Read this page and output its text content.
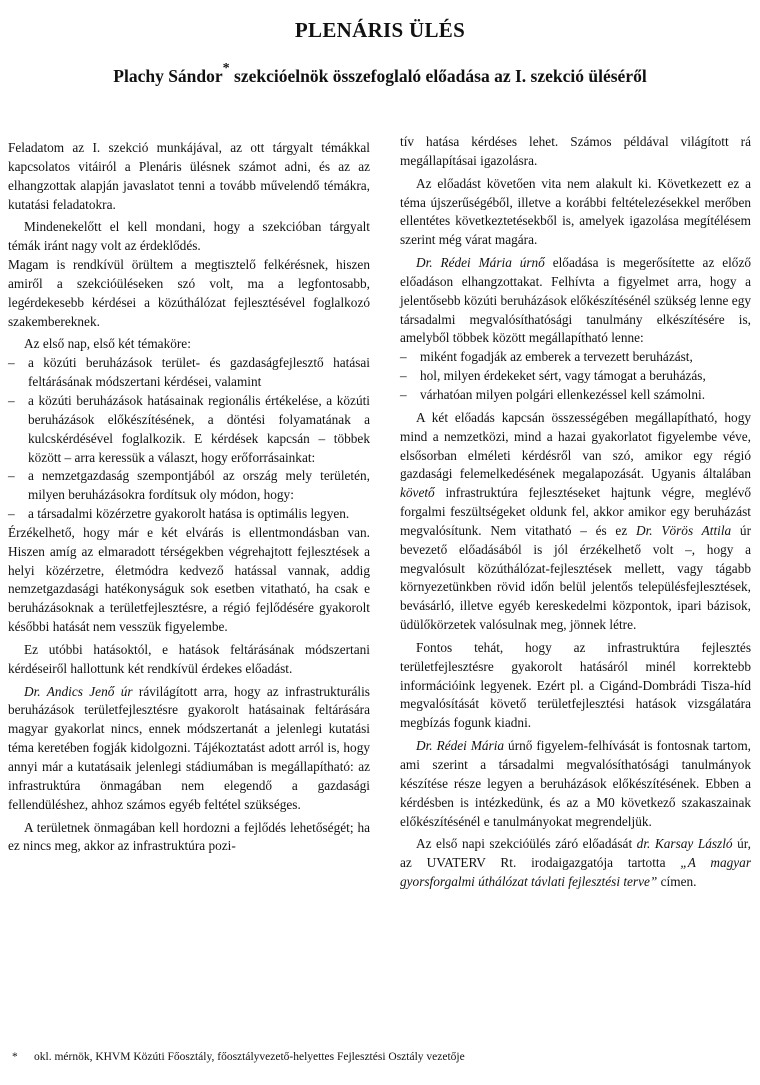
PLENÁRIS ÜLÉS
Plachy Sándor* szekcióelnök összefoglaló előadása az I. szekció üléséről

Feladatom az I. szekció munkájával, az ott tárgyalt témákkal kapcsolatos vitáiról a Plenáris ülésnek számot adni, és az az elhangzottak alapján javaslatot tenni a tovább művelendő témákra, kutatási feladatokra.

Mindenekelőtt el kell mondani, hogy a szekcióban tárgyalt témák iránt nagy volt az érdeklődés.

Magam is rendkívül örültem a megtisztelő felkérésnek, hiszen amiről a szekcióüléseken szó volt, ma a legfontosabb, legérdekesebb kérdései a közúthálózat fejlesztésével foglalkozó szakembereknek.

Az első nap, első két témaköre:

–	a közúti beruházások terület- és gazdaságfejlesztő hatásai feltárásának módszertani kérdései, valamint
–	a közúti beruházások hatásainak regionális értékelése, a közúti beruházások előkészítésének, a döntési folyamatának a kulcskérdésével foglalkozik. E kérdések kapcsán – többek között – arra keressük a választ, hogy erőforrásainkat:
–	a nemzetgazdaság szempontjából az ország mely területén, milyen beruházásokra fordítsuk oly módon, hogy:
–	a társadalmi közérzetre gyakorolt hatása is optimális legyen.

Érzékelhető, hogy már e két elvárás is ellentmondásban van. Hiszen amíg az elmaradott térségekben végrehajtott fejlesztések a helyi közérzetre, életmódra kedvező hatással vannak, addig nemzetgazdasági hatékonyságuk sok esetben vitatható, ha csak e beruházásoknak a területfejlesztésre, a régió fejlődésére gyakorolt későbbi hatását nem vesszük figyelembe.

Ez utóbbi hatásoktól, e hatások feltárásának módszertani kérdéseiről hallottunk két rendkívül érdekes előadást.

Dr. Andics Jenő úr rávilágított arra, hogy az infrastrukturális beruházások területfejlesztésre gyakorolt hatásainak feltárására magyar gyakorlat nincs, ennek módszertanát a jelenlegi kutatási téma keretében fogják kidolgozni. Tájékoztatást adott arról is, hogy annyi már a kutatásaik jelenlegi stádiumában is megállapítható: az infrastruktúra önmagában nem elegendő a gazdasági fellendüléshez, ahhoz számos egyéb feltétel szükséges.

A területnek önmagában kell hordozni a fejlődés lehetőségét; ha ez nincs meg, akkor az infrastruktúra pozi-

tív hatása kérdéses lehet. Számos példával világított rá megállapításai igazolásra.

Az előadást követően vita nem alakult ki. Következett ez a téma újszerűségéből, illetve a korábbi feltételezésekkel merőben ellentétes következtetésekből is, amelyek igazolása megítélésem szerint még várat magára.

Dr. Rédei Mária úrnő előadása is megerősítette az előző előadáson elhangzottakat. Felhívta a figyelmet arra, hogy a jelentősebb közúti beruházások előkészítésénél szükség lenne egy társadalmi megvalósíthatósági tanulmány elkészítésére is, amelyből többek között megállapítható lenne:

–	miként fogadják az emberek a tervezett beruházást,
–	hol, milyen érdekeket sért, vagy támogat a beruházás,
–	várhatóan milyen polgári ellenkezéssel kell számolni.

A két előadás kapcsán összességében megállapítható, hogy mind a nemzetközi, mind a hazai gyakorlatot figyelembe véve, elsősorban elméleti kérdésről van szó, amikor egy régió gazdasági felemelkedésének megalapozását. Ugyanis általában követő infrastruktúra fejlesztéseket hajtunk végre, meglévő forgalmi feszültségeket oldunk fel, akkor amikor egy beruházást megvalósítunk. Nem vitatható – és ez Dr. Vörös Attila úr bevezető előadásából is jól érzékelhető volt –, hogy a megvalósult közúthálózat-fejlesztések mellett, vagy tágabb környezetünkben rövid időn belül jelentős településfejlesztések, bevásárló, illetve egyéb kereskedelmi központok, ipari bázisok, üdülőkörzetek valósulnak meg, jönnek létre.

Fontos tehát, hogy az infrastruktúra fejlesztés területfejlesztésre gyakorolt hatásáról minél korrektebb információink legyenek. Ezért pl. a Cigánd-Dombrádi Tisza-híd megvalósítását követő területfejlesztési hatások vizsgálatára megbízás fogunk kiadni.

Dr. Rédei Mária úrnő figyelem-felhívását is fontosnak tartom, ami szerint a társadalmi megvalósíthatósági tanulmányok készítése része legyen a beruházások előkészítésének. Ebben a kérdésben is intézkedünk, és az a M0 következő szakaszainak előkészítésénél e tanulmányokat megrendeljük.

Az első napi szekcióülés záró előadását dr. Karsay László úr, az UVATERV Rt. irodaigazgatója tartotta „A magyar gyorsforgalmi úthálózat távlati fejlesztési terve” címen.

* okl. mérnök, KHVM Közúti Főosztály, főosztályvezető-helyettes Fejlesztési Osztály vezetője
